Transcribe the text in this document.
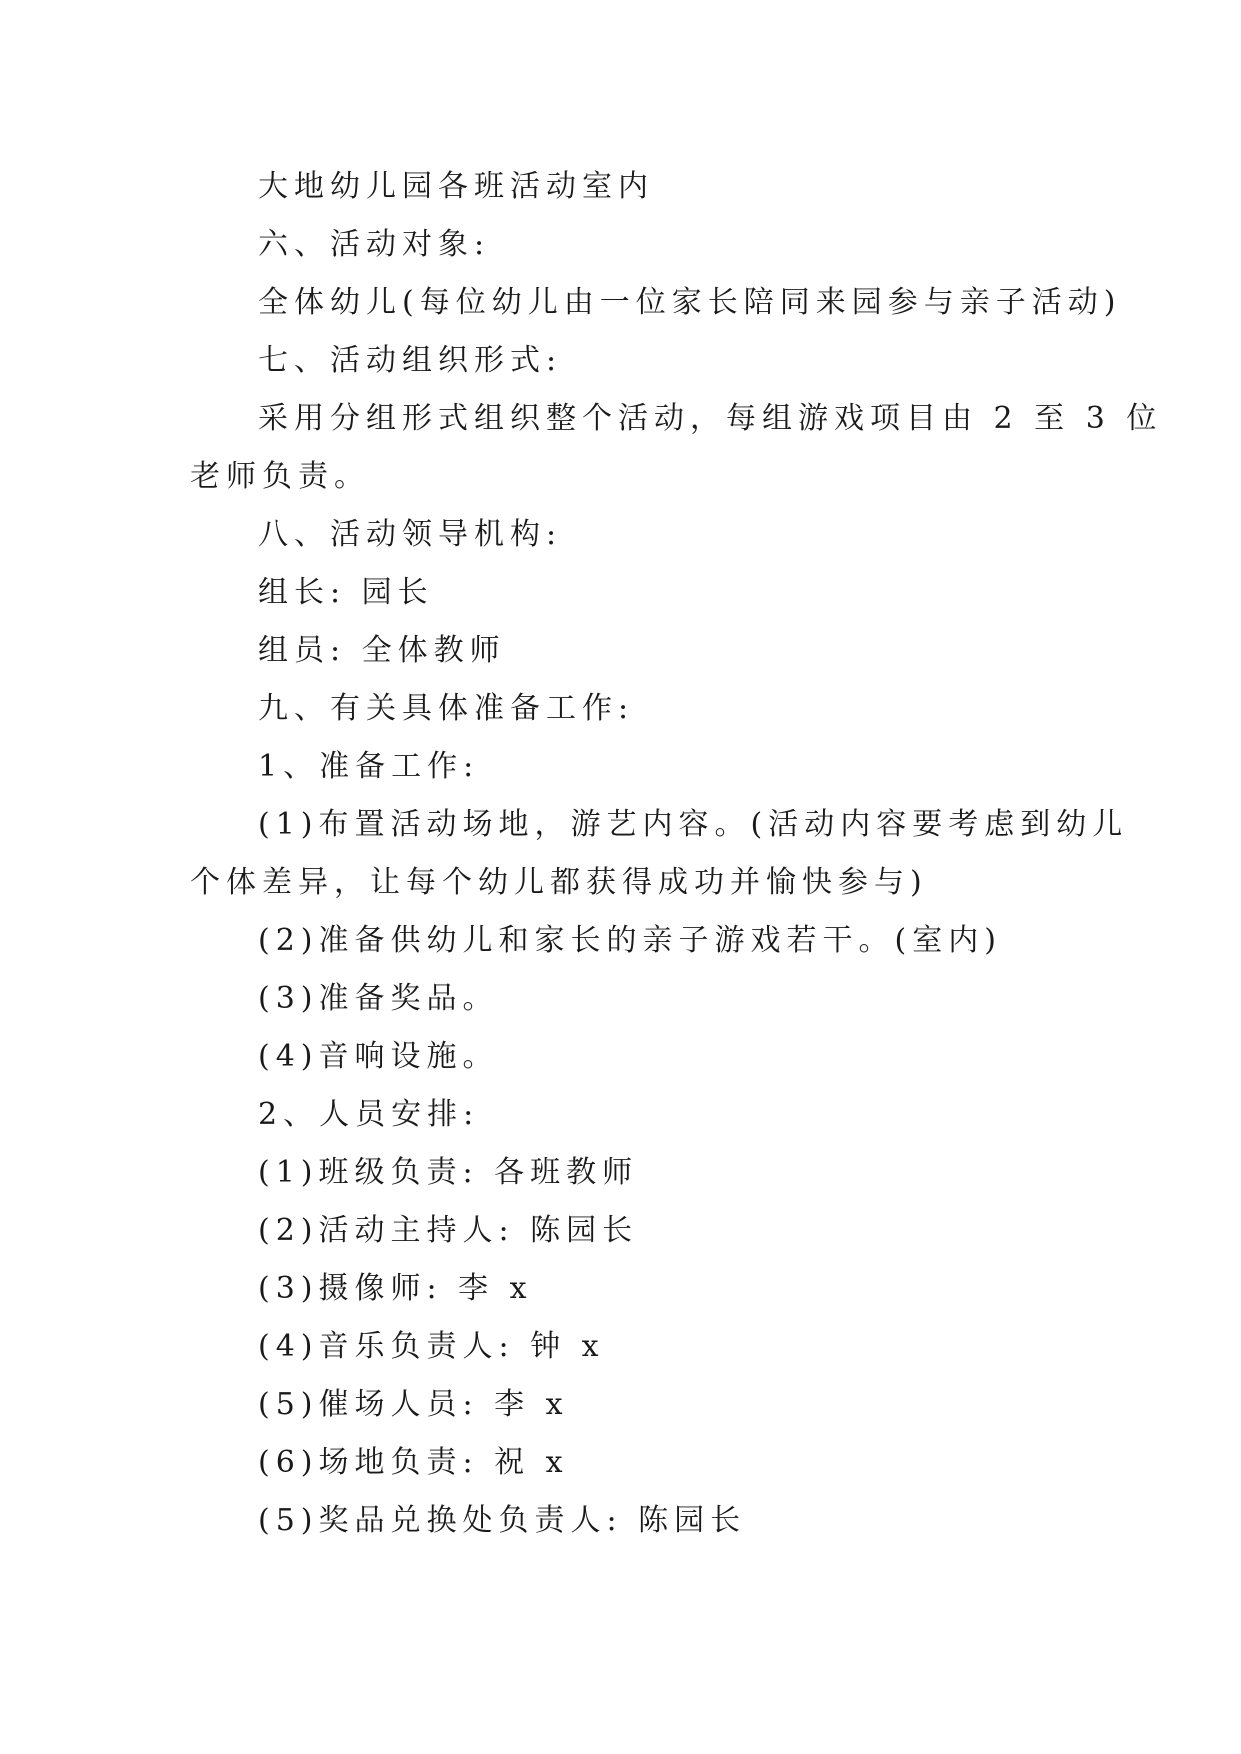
大地幼儿园各班活动室内
六、活动对象:
全体幼儿(每位幼儿由一位家长陪同来园参与亲子活动)
七、活动组织形式:
采用分组形式组织整个活动，每组游戏项目由 2 至 3 位
老师负责。
八、活动领导机构:
组长: 园长
组员: 全体教师
九、有关具体准备工作:
1、准备工作:
(1)布置活动场地，游艺内容。(活动内容要考虑到幼儿
个体差异，让每个幼儿都获得成功并愉快参与)
(2)准备供幼儿和家长的亲子游戏若干。(室内)
(3)准备奖品。
(4)音响设施。
2、人员安排:
(1)班级负责: 各班教师
(2)活动主持人: 陈园长
(3)摄像师: 李 x
(4)音乐负责人: 钟 x
(5)催场人员: 李 x
(6)场地负责: 祝 x
(5)奖品兑换处负责人: 陈园长
